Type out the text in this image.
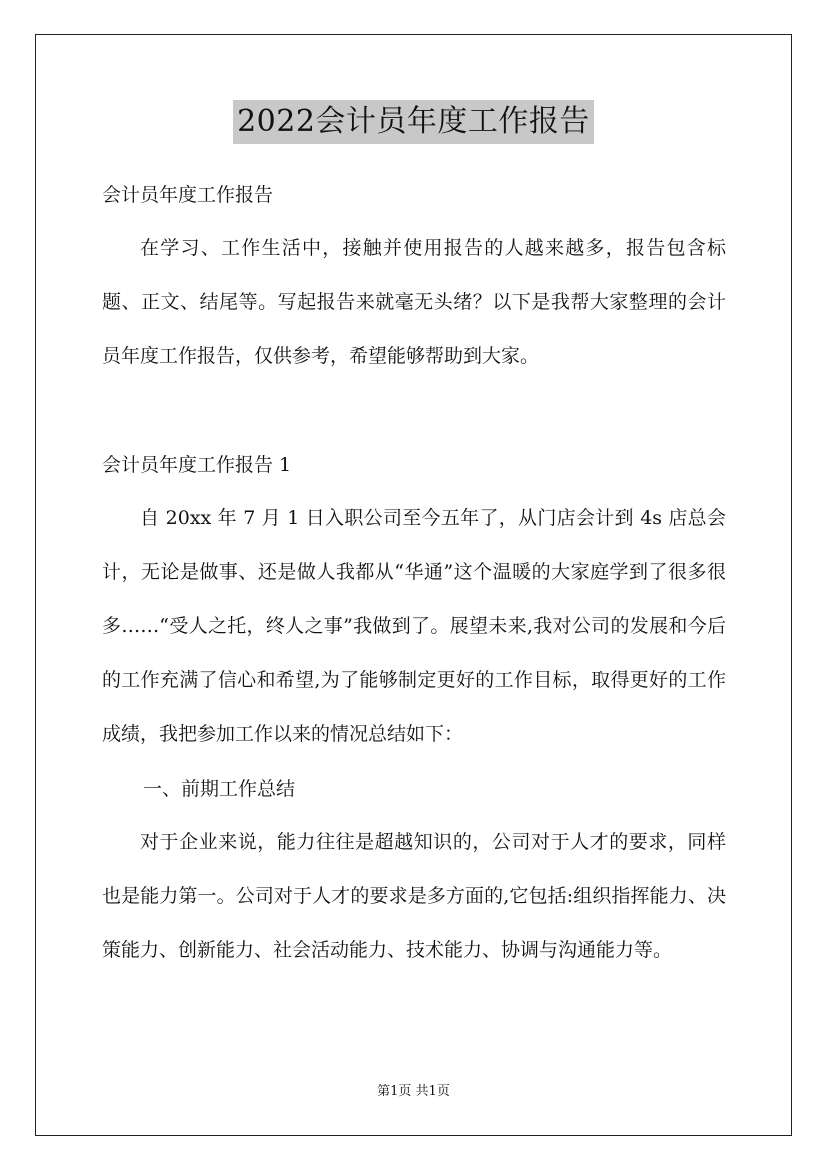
2022会计员年度工作报告
会计员年度工作报告

在学习、工作生活中，接触并使用报告的人越来越多，报告包含标题、正文、结尾等。写起报告来就毫无头绪？以下是我帮大家整理的会计员年度工作报告，仅供参考，希望能够帮助到大家。

会计员年度工作报告 1

自 20xx 年 7 月 1 日入职公司至今五年了，从门店会计到 4s 店总会计，无论是做事、还是做人我都从“华通”这个温暖的大家庭学到了很多很多……“受人之托，终人之事”我做到了。展望未来,我对公司的发展和今后的工作充满了信心和希望,为了能够制定更好的工作目标，取得更好的工作成绩，我把参加工作以来的情况总结如下：

一、前期工作总结

对于企业来说，能力往往是超越知识的，公司对于人才的要求，同样也是能力第一。公司对于人才的要求是多方面的,它包括:组织指挥能力、决策能力、创新能力、社会活动能力、技术能力、协调与沟通能力等。

第1页 共1页
